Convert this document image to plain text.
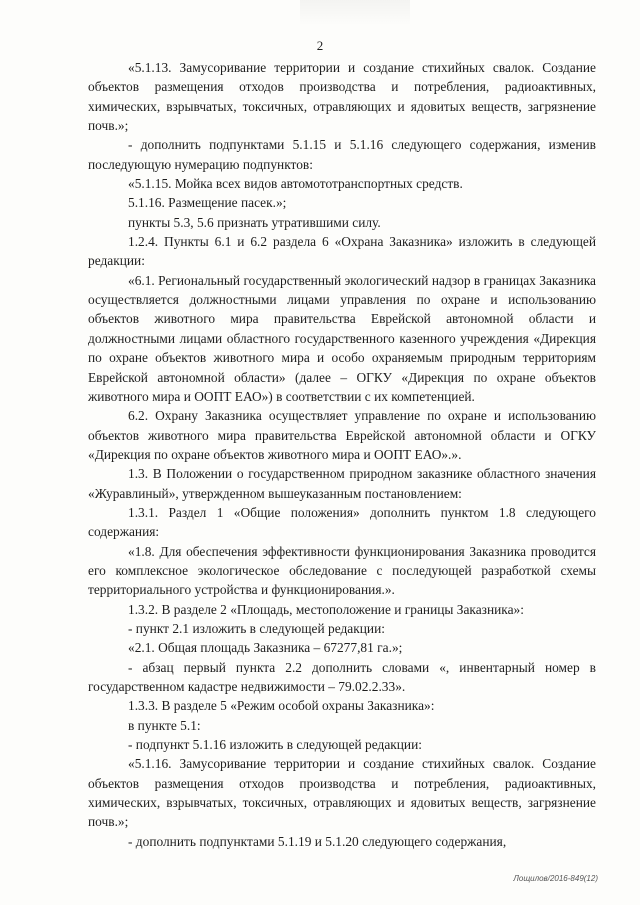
2

«5.1.13. Замусоривание территории и создание стихийных свалок. Создание объектов размещения отходов производства и потребления, радиоактивных, химических, взрывчатых, токсичных, отравляющих и ядовитых веществ, загрязнение почв.»;

- дополнить подпунктами 5.1.15 и 5.1.16 следующего содержания, изменив последующую нумерацию подпунктов:

«5.1.15. Мойка всех видов автомототранспортных средств.

5.1.16. Размещение пасек.»;

пункты 5.3, 5.6 признать утратившими силу.

1.2.4. Пункты 6.1 и 6.2 раздела 6 «Охрана Заказника» изложить в следующей редакции:

«6.1. Региональный государственный экологический надзор в границах Заказника осуществляется должностными лицами управления по охране и использованию объектов животного мира правительства Еврейской автономной области и должностными лицами областного государственного казенного учреждения «Дирекция по охране объектов животного мира и особо охраняемым природным территориям Еврейской автономной области» (далее – ОГКУ «Дирекция по охране объектов животного мира и ООПТ ЕАО») в соответствии с их компетенцией.

6.2. Охрану Заказника осуществляет управление по охране и использованию объектов животного мира правительства Еврейской автономной области и ОГКУ «Дирекция по охране объектов животного мира и ООПТ ЕАО».».

1.3. В Положении о государственном природном заказнике областного значения «Журавлиный», утвержденном вышеуказанным постановлением:

1.3.1. Раздел 1 «Общие положения» дополнить пунктом 1.8 следующего содержания:

«1.8. Для обеспечения эффективности функционирования Заказника проводится его комплексное экологическое обследование с последующей разработкой схемы территориального устройства и функционирования.».

1.3.2. В разделе 2 «Площадь, местоположение и границы Заказника»:

- пункт 2.1 изложить в следующей редакции:

«2.1. Общая площадь Заказника – 67277,81 га.»;

- абзац первый пункта 2.2 дополнить словами «, инвентарный номер в государственном кадастре недвижимости – 79.02.2.33».

1.3.3. В разделе 5 «Режим особой охраны Заказника»:

в пункте 5.1:

- подпункт 5.1.16 изложить в следующей редакции:

«5.1.16. Замусоривание территории и создание стихийных свалок. Создание объектов размещения отходов производства и потребления, радиоактивных, химических, взрывчатых, токсичных, отравляющих и ядовитых веществ, загрязнение почв.»;

- дополнить подпунктами 5.1.19 и 5.1.20 следующего содержания,

Лощилов/2016-849(12)
